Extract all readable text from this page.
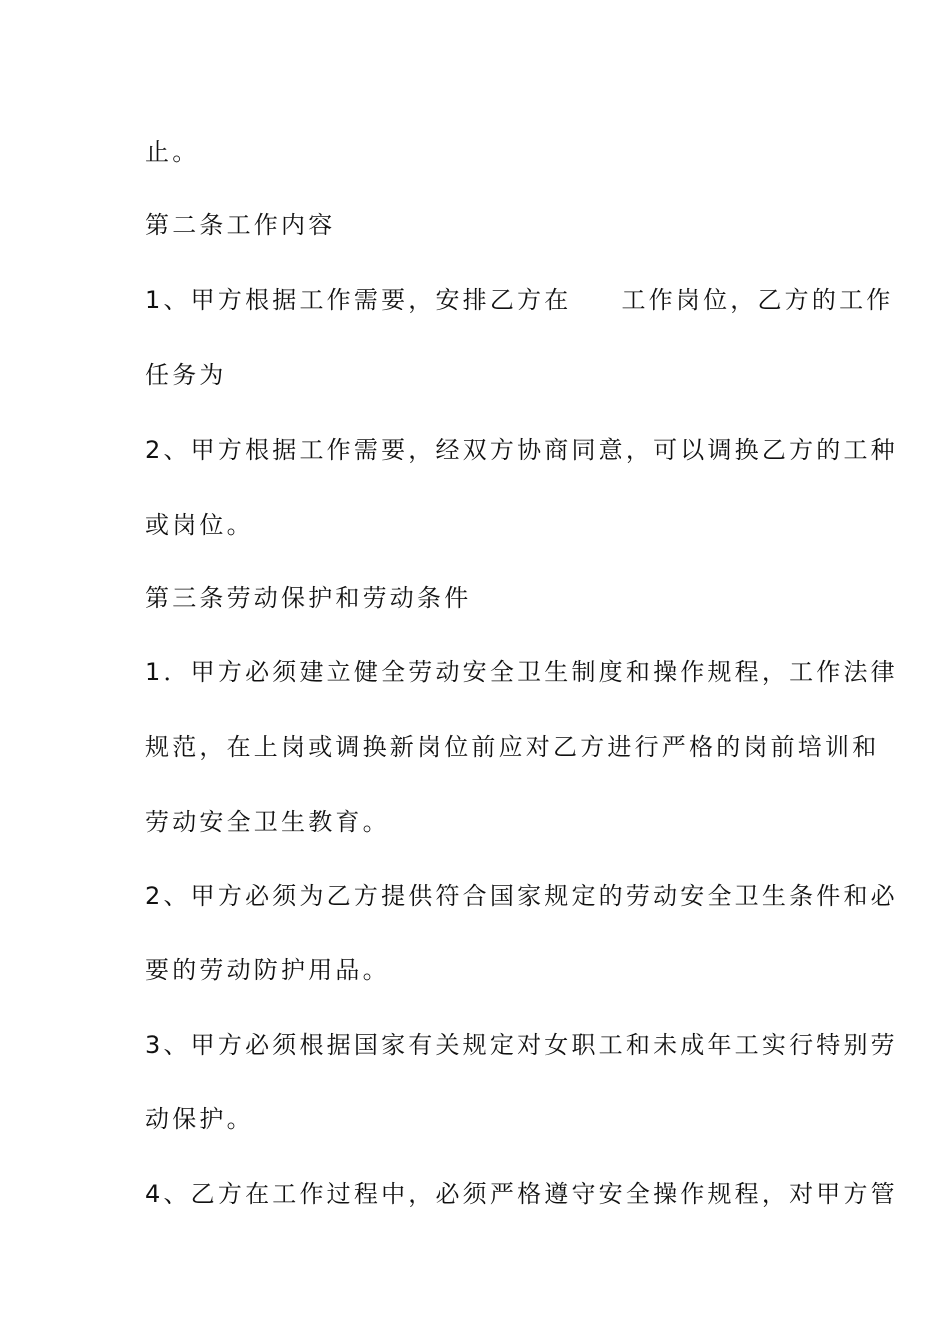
止。
第二条工作内容
1、甲方根据工作需要，安排乙方在 工作岗位，乙方的工作
任务为
2、甲方根据工作需要，经双方协商同意，可以调换乙方的工种
或岗位。
第三条劳动保护和劳动条件
1．甲方必须建立健全劳动安全卫生制度和操作规程，工作法律
规范，在上岗或调换新岗位前应对乙方进行严格的岗前培训和
劳动安全卫生教育。
2、甲方必须为乙方提供符合国家规定的劳动安全卫生条件和必
要的劳动防护用品。
3、甲方必须根据国家有关规定对女职工和未成年工实行特别劳
动保护。
4、乙方在工作过程中，必须严格遵守安全操作规程，对甲方管
